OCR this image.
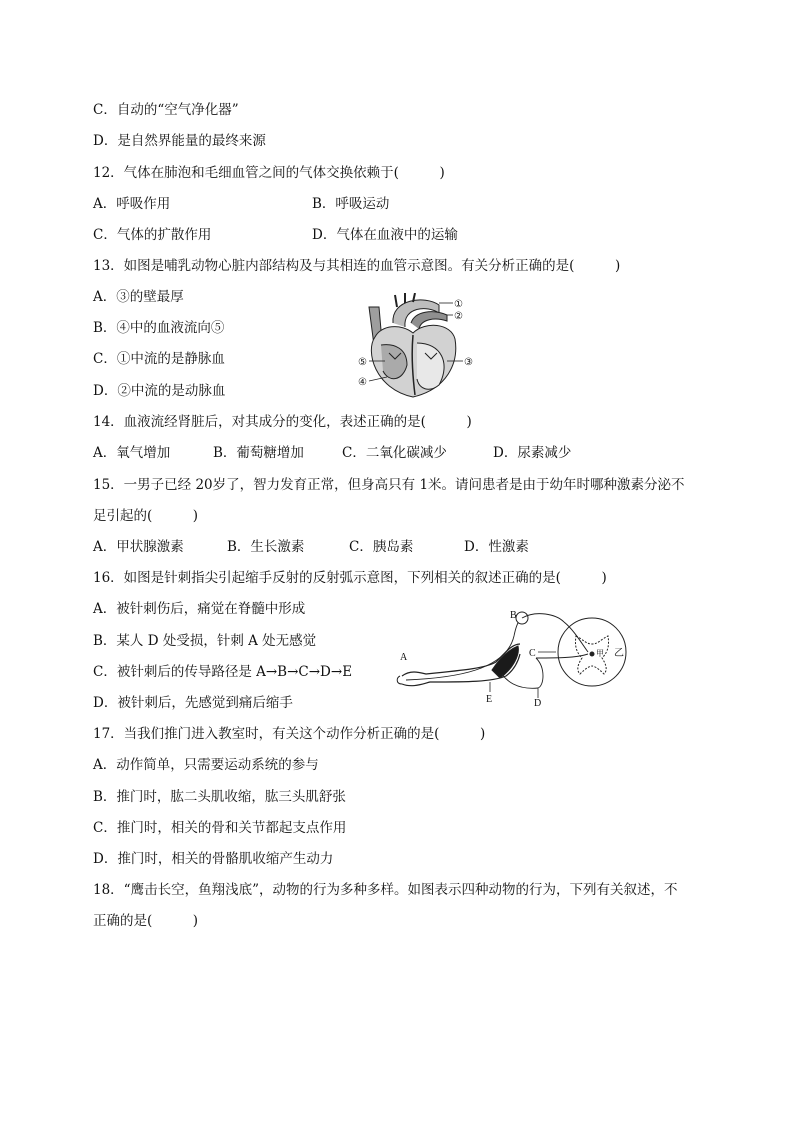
C．自动的“空气净化器”
D．是自然界能量的最终来源
12．气体在肺泡和毛细血管之间的气体交换依赖于(　　　)
A．呼吸作用	B．呼吸运动
C．气体的扩散作用	D．气体在血液中的运输
13．如图是哺乳动物心脏内部结构及与其相连的血管示意图。有关分析正确的是(　　　)
A．③的壁最厚
B．④中的血液流向⑤
C．①中流的是静脉血
D．②中流的是动脉血
①
②
③
④
⑤
14．血液流经肾脏后，对其成分的变化，表述正确的是(　　　)
A．氧气增加	B．葡萄糖增加	C．二氧化碳减少	D．尿素减少
15．一男子已经 20岁了，智力发育正常，但身高只有 1米。请问患者是由于幼年时哪种激素分泌不
足引起的(　　　)
A．甲状腺激素	B．生长激素	C．胰岛素	D．性激素
16．如图是针刺指尖引起缩手反射的反射弧示意图，下列相关的叙述正确的是(　　　)
A．被针刺伤后，痛觉在脊髓中形成
B．某人 D 处受损，针刺 A 处无感觉
C．被针刺后的传导路径是 A→B→C→D→E
D．被针刺后，先感觉到痛后缩手
A
B
C
D
E
甲 乙
17．当我们推门进入教室时，有关这个动作分析正确的是(　　　)
A．动作简单，只需要运动系统的参与
B．推门时，肱二头肌收缩，肱三头肌舒张
C．推门时，相关的骨和关节都起支点作用
D．推门时，相关的骨骼肌收缩产生动力
18．“鹰击长空，鱼翔浅底”，动物的行为多种多样。如图表示四种动物的行为，下列有关叙述，不
正确的是(　　　)
